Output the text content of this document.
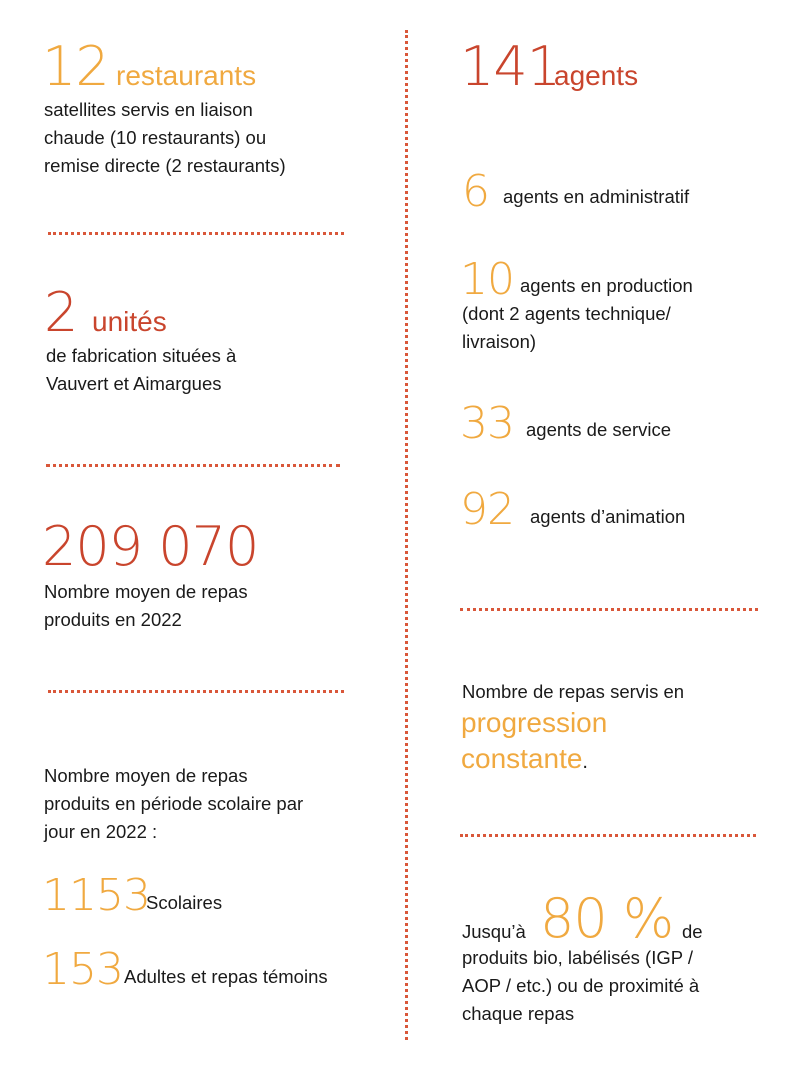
12 restaurants
satellites servis en liaison
chaude (10 restaurants) ou
remise directe (2 restaurants)
2 unités
de fabrication situées à
Vauvert et Aimargues
209 070
Nombre moyen de repas
produits en 2022
Nombre moyen de repas
produits en période scolaire par
jour en 2022 :
1153
Scolaires
153 Adultes et repas témoins
141
agents
6 agents en administratif
10 agents en production
(dont 2 agents technique/
livraison)
33 agents de service
92 agents d’animation
Nombre de repas servis en
progression
constante.
Jusqu’à 80 % de
produits bio, labélisés (IGP /
AOP / etc.) ou de proximité à
chaque repas
